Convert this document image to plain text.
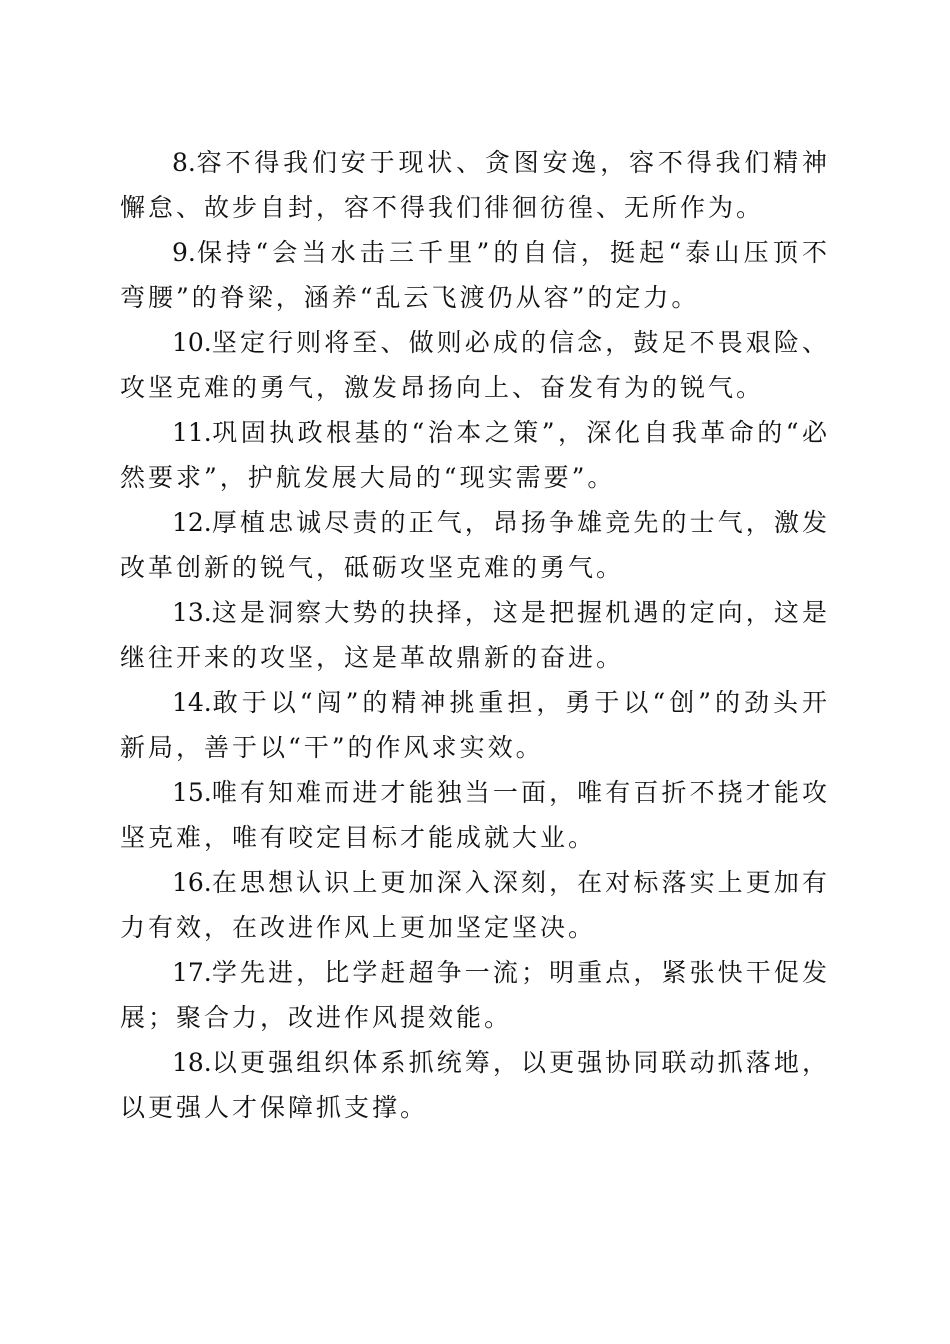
8.容不得我们安于现状、贪图安逸，容不得我们精神懈怠、故步自封，容不得我们徘徊彷徨、无所作为。

9.保持“会当水击三千里”的自信，挺起“泰山压顶不弯腰”的脊梁，涵养“乱云飞渡仍从容”的定力。

10.坚定行则将至、做则必成的信念，鼓足不畏艰险、攻坚克难的勇气，激发昂扬向上、奋发有为的锐气。

11.巩固执政根基的“治本之策”，深化自我革命的“必然要求”，护航发展大局的“现实需要”。

12.厚植忠诚尽责的正气，昂扬争雄竞先的士气，激发改革创新的锐气，砥砺攻坚克难的勇气。

13.这是洞察大势的抉择，这是把握机遇的定向，这是继往开来的攻坚，这是革故鼎新的奋进。

14.敢于以“闯”的精神挑重担，勇于以“创”的劲头开新局，善于以“干”的作风求实效。

15.唯有知难而进才能独当一面，唯有百折不挠才能攻坚克难，唯有咬定目标才能成就大业。

16.在思想认识上更加深入深刻，在对标落实上更加有力有效，在改进作风上更加坚定坚决。

17.学先进，比学赶超争一流；明重点，紧张快干促发展；聚合力，改进作风提效能。

18.以更强组织体系抓统筹，以更强协同联动抓落地，以更强人才保障抓支撑。
